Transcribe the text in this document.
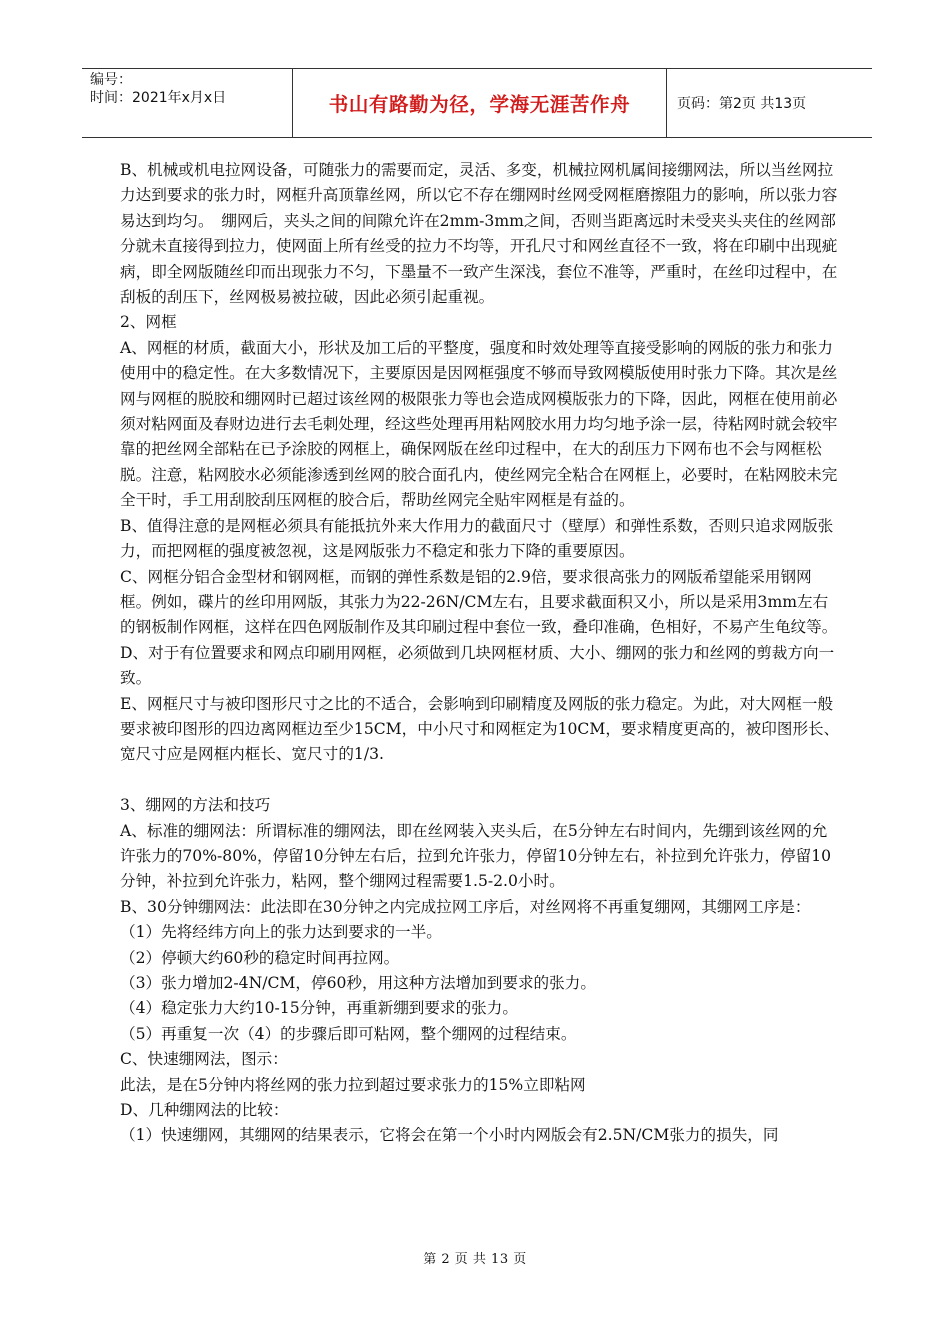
编号：
时间：2021年x月x日	书山有路勤为径，学海无涯苦作舟	页码：第2页 共13页

B、机械或机电拉网设备，可随张力的需要而定，灵活、多变，机械拉网机属间接绷网法，所以当丝网拉力达到要求的张力时，网框升高顶靠丝网，所以它不存在绷网时丝网受网框磨擦阻力的影响，所以张力容易达到均匀。　绷网后，夹头之间的间隙允许在2mm-3mm之间，否则当距离远时未受夹头夹住的丝网部分就未直接得到拉力，使网面上所有丝受的拉力不均等，开孔尺寸和网丝直径不一致，将在印刷中出现疵病，即全网版随丝印而出现张力不匀，下墨量不一致产生深浅，套位不准等，严重时，在丝印过程中，在刮板的刮压下，丝网极易被拉破，因此必须引起重视。

2、网框

A、网框的材质，截面大小，形状及加工后的平整度，强度和时效处理等直接受影响的网版的张力和张力使用中的稳定性。在大多数情况下，主要原因是因网框强度不够而导致网模版使用时张力下降。其次是丝网与网框的脱胶和绷网时已超过该丝网的极限张力等也会造成网模版张力的下降，因此，网框在使用前必须对粘网面及春财边进行去毛刺处理，经这些处理再用粘网胶水用力均匀地予涂一层，待粘网时就会较牢靠的把丝网全部粘在已予涂胶的网框上，确保网版在丝印过程中，在大的刮压力下网布也不会与网框松脱。注意，粘网胶水必须能渗透到丝网的胶合面孔内，使丝网完全粘合在网框上，必要时，在粘网胶未完全干时，手工用刮胶刮压网框的胶合后，帮助丝网完全贴牢网框是有益的。

B、值得注意的是网框必须具有能抵抗外来大作用力的截面尺寸（壁厚）和弹性系数，否则只追求网版张力，而把网框的强度被忽视，这是网版张力不稳定和张力下降的重要原因。

C、网框分铝合金型材和钢网框，而钢的弹性系数是铝的2.9倍，要求很高张力的网版希望能采用钢网框。例如，碟片的丝印用网版，其张力为22-26N/CM左右，且要求截面积又小，所以是采用3mm左右的钢板制作网框，这样在四色网版制作及其印刷过程中套位一致，叠印准确，色相好，不易产生龟纹等。

D、对于有位置要求和网点印刷用网框，必须做到几块网框材质、大小、绷网的张力和丝网的剪裁方向一致。

E、网框尺寸与被印图形尺寸之比的不适合，会影响到印刷精度及网版的张力稳定。为此，对大网框一般要求被印图形的四边离网框边至少15CM，中小尺寸和网框定为10CM，要求精度更高的，被印图形长、宽尺寸应是网框内框长、宽尺寸的1/3.

3、绷网的方法和技巧

A、标准的绷网法：所谓标准的绷网法，即在丝网装入夹头后，在5分钟左右时间内，先绷到该丝网的允许张力的70%-80%，停留10分钟左右后，拉到允许张力，停留10分钟左右，补拉到允许张力，停留10分钟，补拉到允许张力，粘网，整个绷网过程需要1.5-2.0小时。

B、30分钟绷网法：此法即在30分钟之内完成拉网工序后，对丝网将不再重复绷网，其绷网工序是：

（1）先将经纬方向上的张力达到要求的一半。

（2）停顿大约60秒的稳定时间再拉网。

（3）张力增加2-4N/CM，停60秒，用这种方法增加到要求的张力。

（4）稳定张力大约10-15分钟，再重新绷到要求的张力。

（5）再重复一次（4）的步骤后即可粘网，整个绷网的过程结束。

C、快速绷网法，图示：

此法，是在5分钟内将丝网的张力拉到超过要求张力的15%立即粘网

D、几种绷网法的比较：

（1）快速绷网，其绷网的结果表示，它将会在第一个小时内网版会有2.5N/CM张力的损失，同

第 2 页 共 13 页
